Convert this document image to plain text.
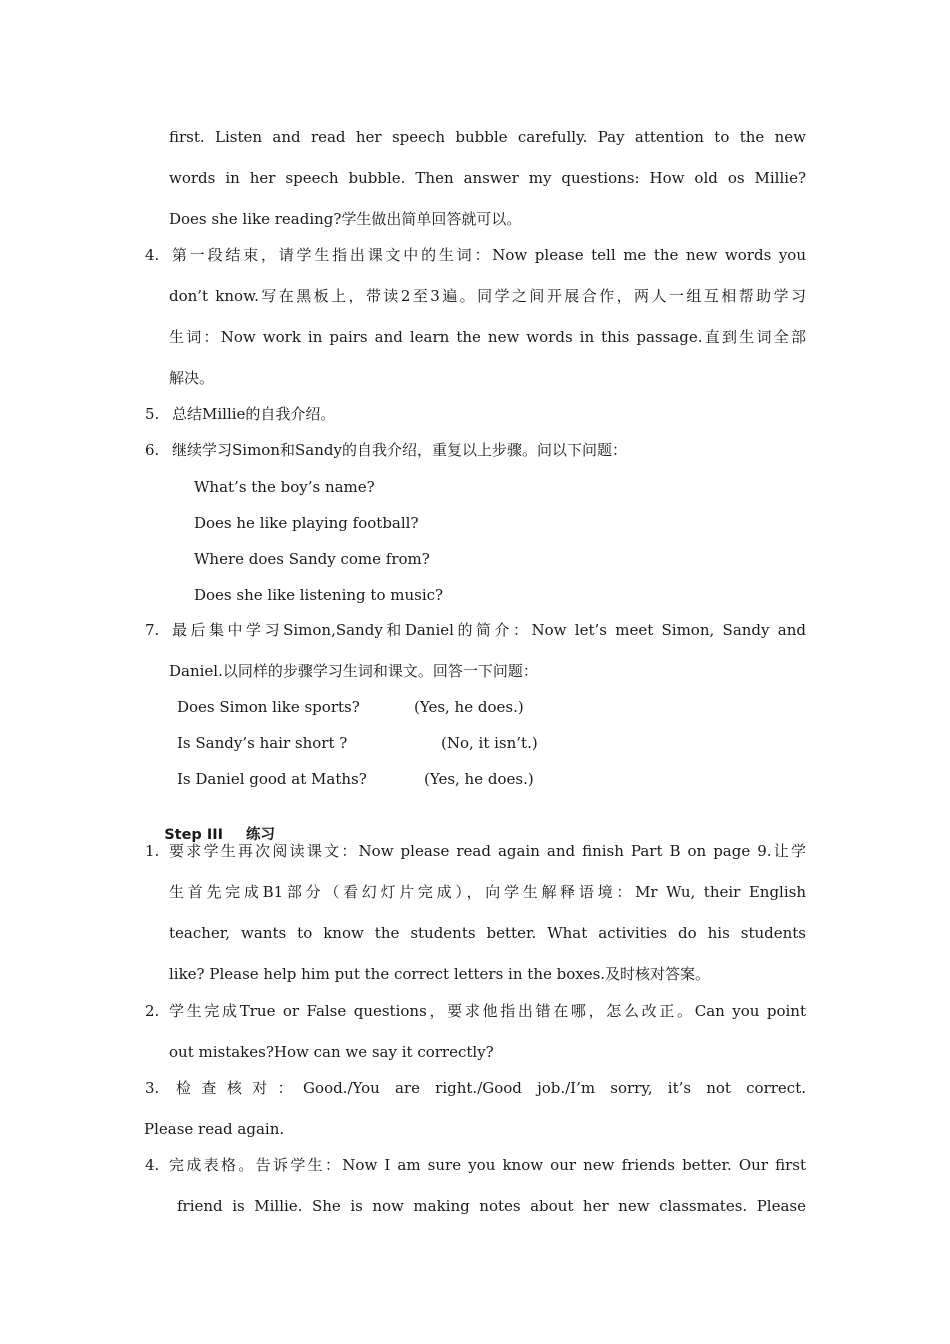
first. Listen and read her speech bubble carefully. Pay attention to the new
words in her speech bubble. Then answer my questions: How old os Millie?
Does she like reading?学生做出简单回答就可以。
4. 第一段结束，请学生指出课文中的生词：Now please tell me the new words you
don’t know.写在黑板上，带读2至3遍。同学之间开展合作，两人一组互相帮助学习
生词：Now work in pairs and learn the new words in this passage.直到生词全部
解决。
5. 总结Millie的自我介绍。
6. 继续学习Simon和Sandy的自我介绍，重复以上步骤。问以下问题：
What’s the boy’s name?
Does he like playing football?
Where does Sandy come from?
Does she like listening to music?
7. 最后集中学习Simon,Sandy和Daniel的简介：Now let’s meet Simon, Sandy and
Daniel.以同样的步骤学习生词和课文。回答一下问题：
Does Simon like sports?	(Yes, he does.)
Is Sandy’s hair short ?	(No, it isn’t.)
Is Daniel good at Maths?	(Yes, he does.)

Step III 练习

1. 要求学生再次阅读课文：Now please read again and finish Part B on page 9.让学
生首先完成B1部分（看幻灯片完成），向学生解释语境：Mr Wu, their English
teacher, wants to know the students better. What activities do his students
like? Please help him put the correct letters in the boxes.及时核对答案。
2. 学生完成True or False questions，要求他指出错在哪，怎么改正。Can you point
out mistakes?How can we say it correctly?
3. 检查核对：Good./You are right./Good job./I’m sorry, it’s not correct.
Please read again.
4. 完成表格。告诉学生：Now I am sure you know our new friends better. Our first
friend is Millie. She is now making notes about her new classmates. Please
